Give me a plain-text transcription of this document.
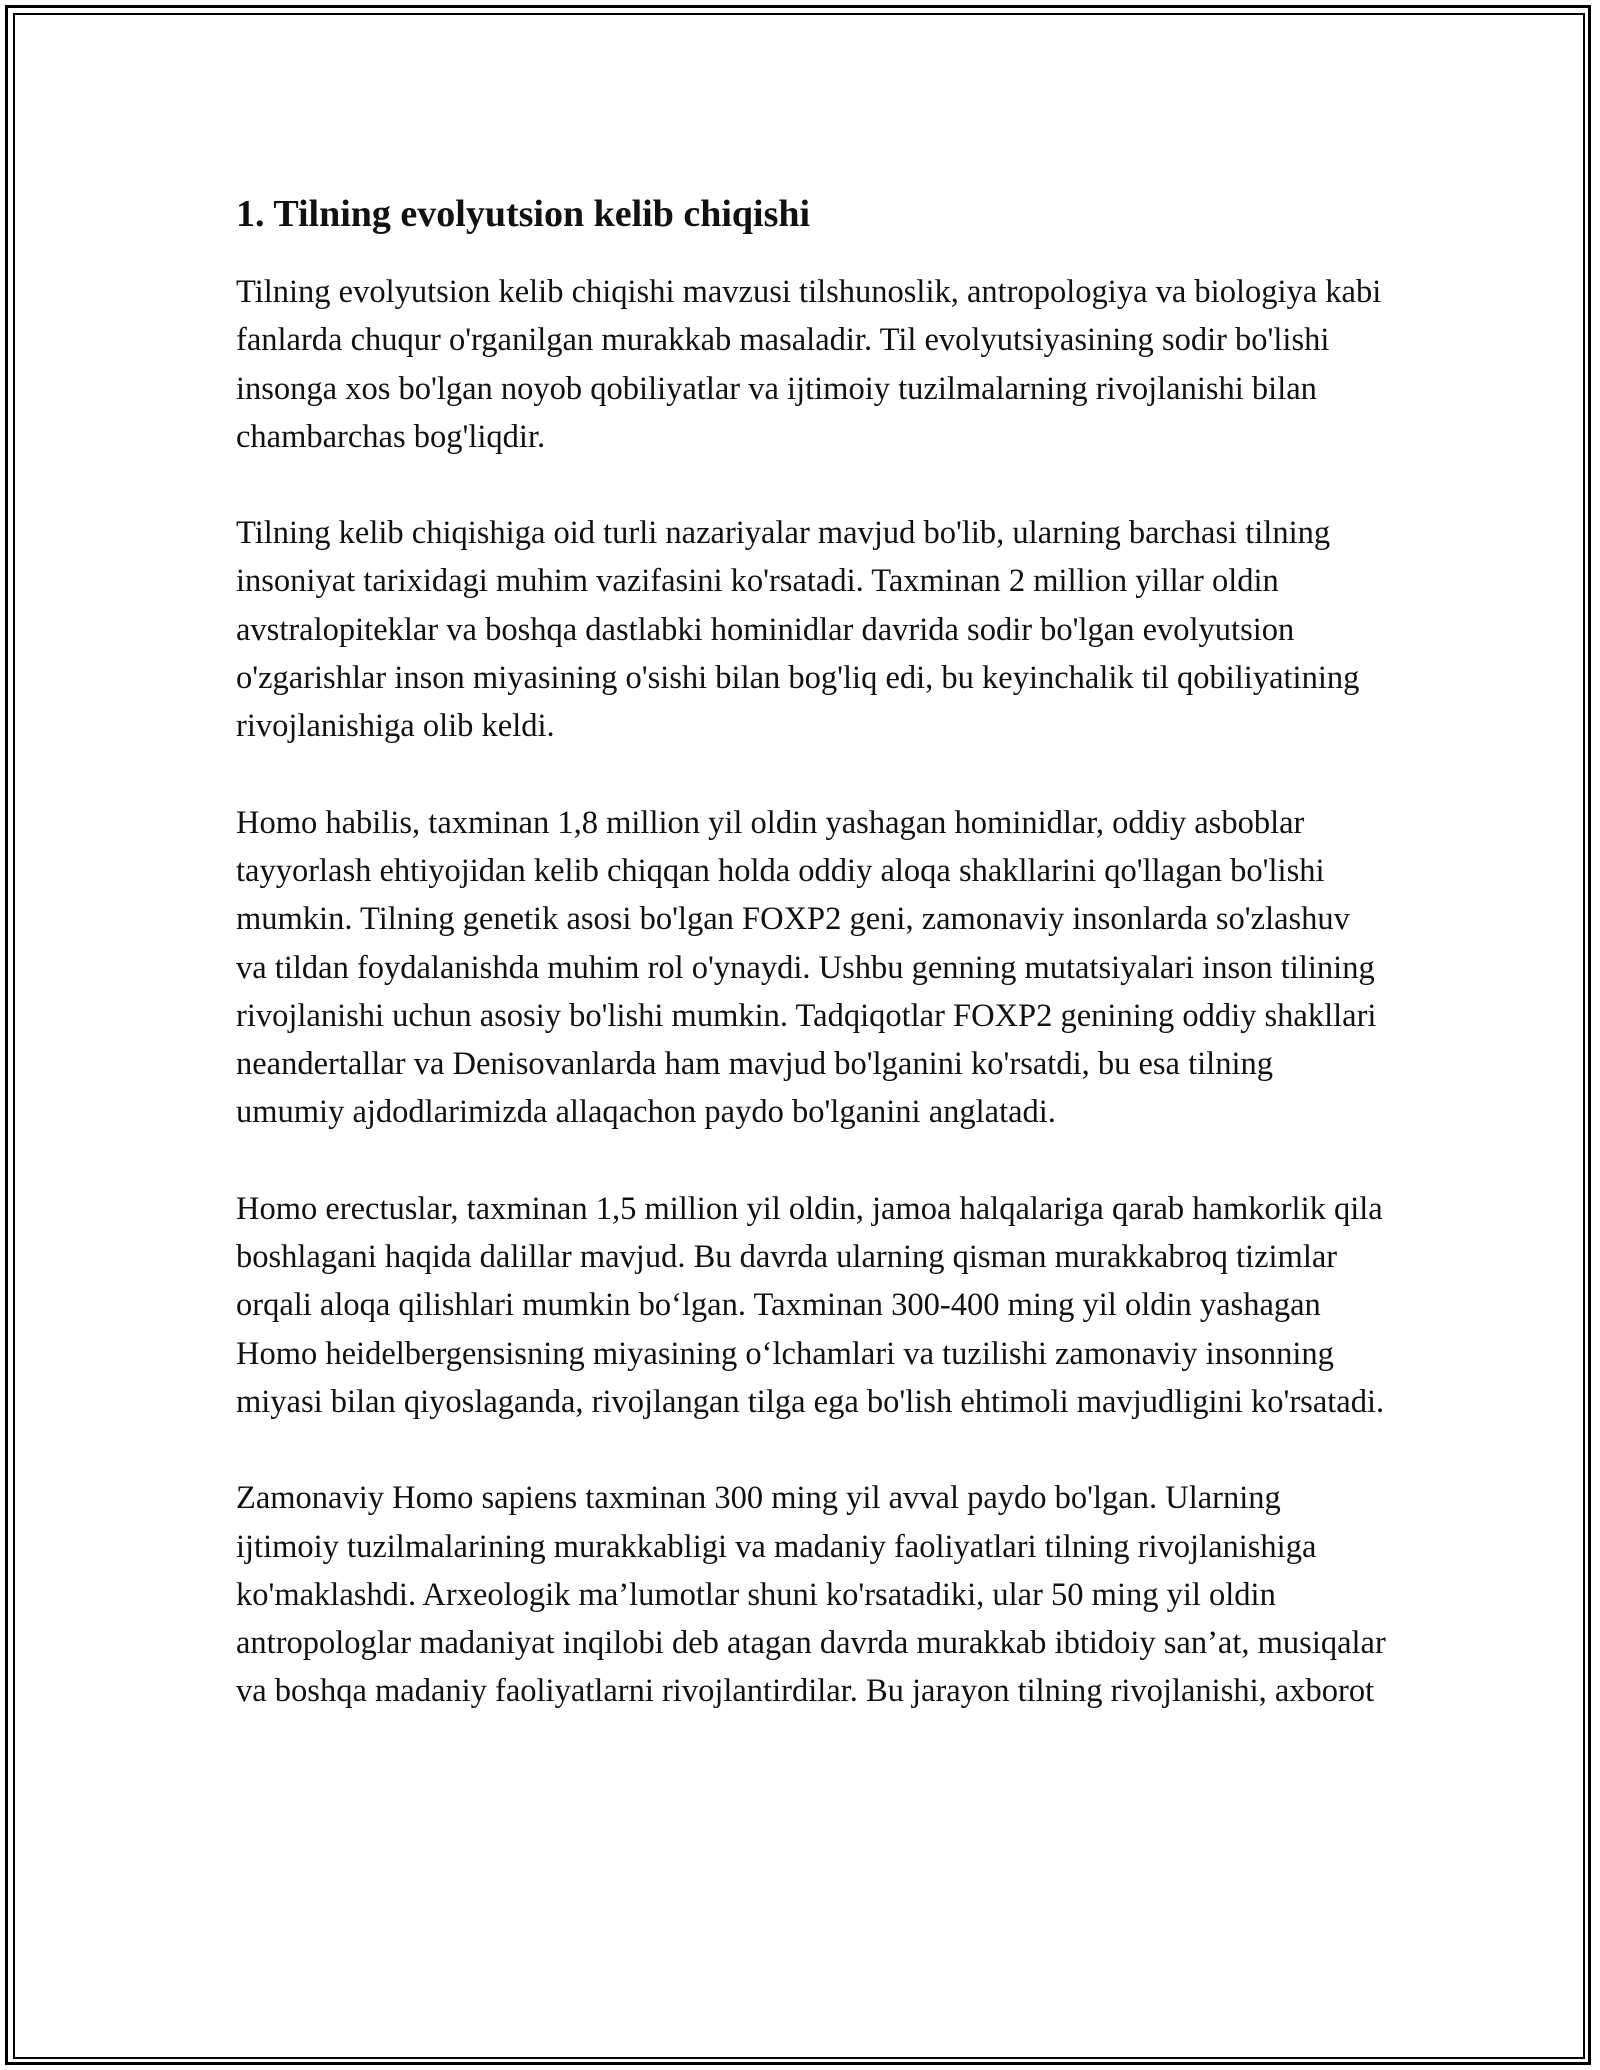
1. Tilning evolyutsion kelib chiqishi

Tilning evolyutsion kelib chiqishi mavzusi tilshunoslik, antropologiya va biologiya kabi fanlarda chuqur o'rganilgan murakkab masaladir. Til evolyutsiyasining sodir bo'lishi insonga xos bo'lgan noyob qobiliyatlar va ijtimoiy tuzilmalarning rivojlanishi bilan chambarchas bog'liqdir.

Tilning kelib chiqishiga oid turli nazariyalar mavjud bo'lib, ularning barchasi tilning insoniyat tarixidagi muhim vazifasini ko'rsatadi. Taxminan 2 million yillar oldin avstralopiteklar va boshqa dastlabki hominidlar davrida sodir bo'lgan evolyutsion o'zgarishlar inson miyasining o'sishi bilan bog'liq edi, bu keyinchalik til qobiliyatining rivojlanishiga olib keldi.

Homo habilis, taxminan 1,8 million yil oldin yashagan hominidlar, oddiy asboblar tayyorlash ehtiyojidan kelib chiqqan holda oddiy aloqa shakllarini qo'llagan bo'lishi mumkin. Tilning genetik asosi bo'lgan FOXP2 geni, zamonaviy insonlarda so'zlashuv va tildan foydalanishda muhim rol o'ynaydi. Ushbu genning mutatsiyalari inson tilining rivojlanishi uchun asosiy bo'lishi mumkin. Tadqiqotlar FOXP2 genining oddiy shakllari neandertallar va Denisovanlarda ham mavjud bo'lganini ko'rsatdi, bu esa tilning umumiy ajdodlarimizda allaqachon paydo bo'lganini anglatadi.

Homo erectuslar, taxminan 1,5 million yil oldin, jamoa halqalariga qarab hamkorlik qila boshlagani haqida dalillar mavjud. Bu davrda ularning qisman murakkabroq tizimlar orqali aloqa qilishlari mumkin bo‘lgan. Taxminan 300-400 ming yil oldin yashagan Homo heidelbergensisning miyasining o‘lchamlari va tuzilishi zamonaviy insonning miyasi bilan qiyoslaganda, rivojlangan tilga ega bo'lish ehtimoli mavjudligini ko'rsatadi.

Zamonaviy Homo sapiens taxminan 300 ming yil avval paydo bo'lgan. Ularning ijtimoiy tuzilmalarining murakkabligi va madaniy faoliyatlari tilning rivojlanishiga ko'maklashdi. Arxeologik ma’lumotlar shuni ko'rsatadiki, ular 50 ming yil oldin antropologlar madaniyat inqilobi deb atagan davrda murakkab ibtidoiy san’at, musiqalar va boshqa madaniy faoliyatlarni rivojlantirdilar. Bu jarayon tilning rivojlanishi, axborot
